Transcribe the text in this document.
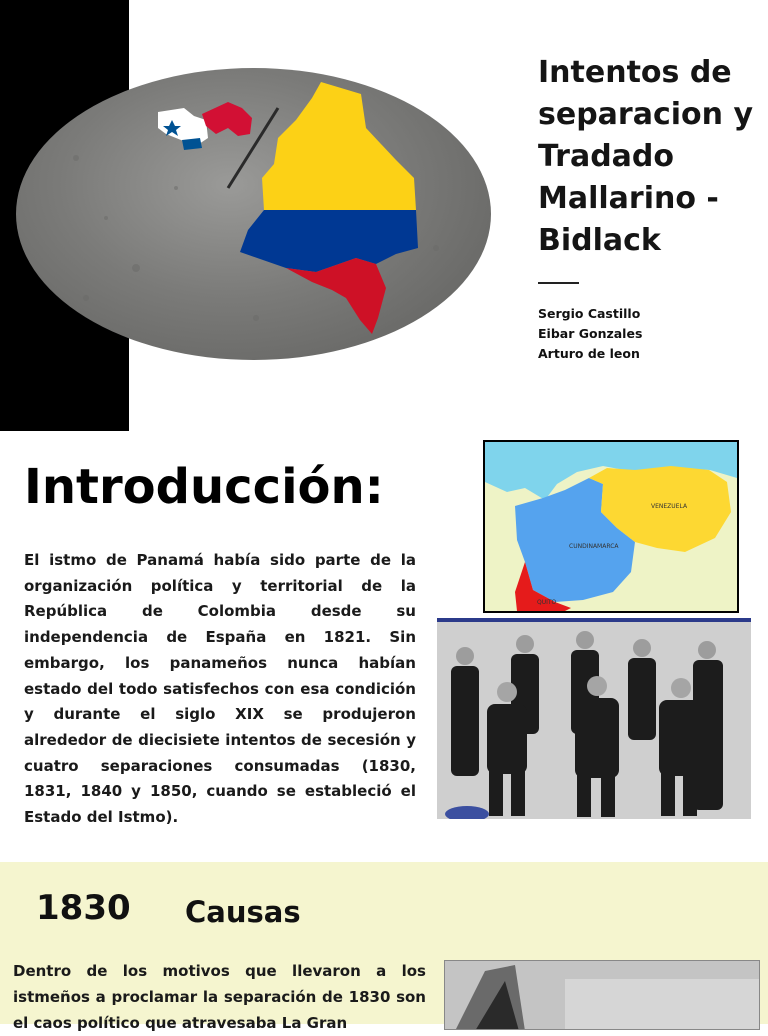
Intentos de separacion y Tradado Mallarino - Bidlack
Sergio Castillo
Eibar Gonzales
Arturo de leon
Introducción:
El istmo de Panamá había sido parte de la organización política y territorial de la República de Colombia desde su independencia de España en 1821. Sin embargo, los panameños nunca habían estado del todo satisfechos con esa condición y durante el siglo XIX se produjeron alrededor de diecisiete intentos de secesión y cuatro separaciones consumadas (1830, 1831, 1840 y 1850, cuando se estableció el Estado del Istmo).
VENEZUELA
CUNDINAMARCA
QUITO
1830 Causas
Dentro de los motivos que llevaron a los istmeños a proclamar la separación de 1830 son el caos político que atravesaba La Gran
